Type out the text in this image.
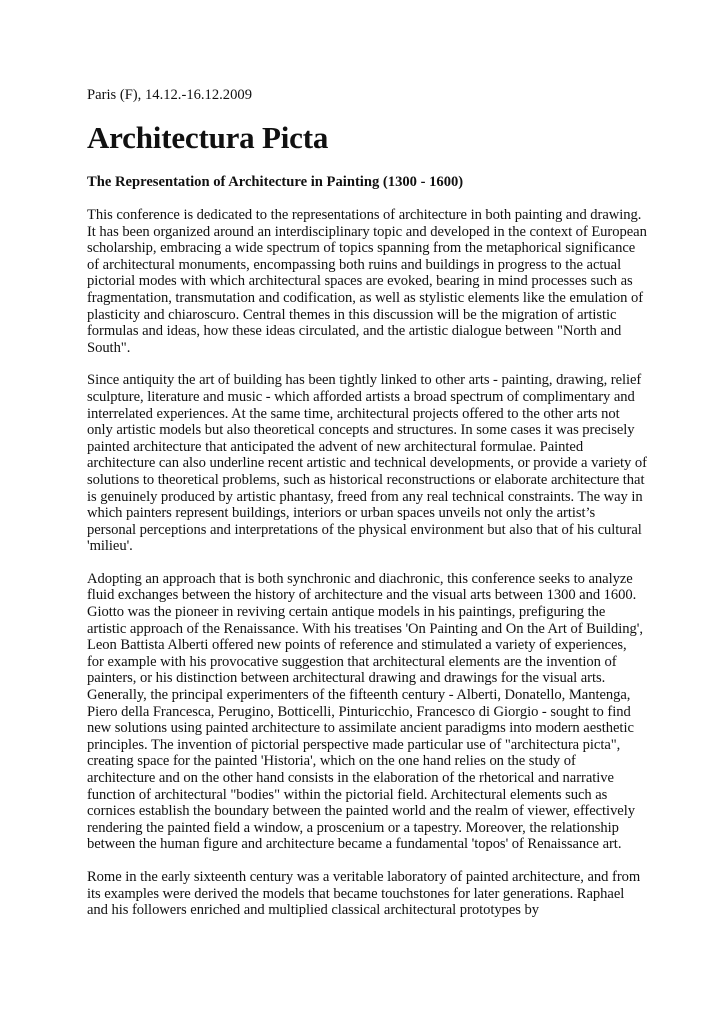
Paris (F), 14.12.-16.12.2009

Architectura Picta

The Representation of Architecture in Painting (1300 - 1600)

This conference is dedicated to the representations of architecture in both painting and drawing. It has been organized around an interdisciplinary topic and developed in the context of European scholarship, embracing a wide spectrum of topics spanning from the metaphorical significance of architectural monuments, encompassing both ruins and buildings in progress to the actual pictorial modes with which architectural spaces are evoked, bearing in mind processes such as fragmentation, transmutation and codification, as well as stylistic elements like the emulation of plasticity and chiaroscuro. Central themes in this discussion will be the migration of artistic formulas and ideas, how these ideas circulated, and the artistic dialogue between "North and South".

Since antiquity the art of building has been tightly linked to other arts - painting, drawing, relief sculpture, literature and music - which afforded artists a broad spectrum of complimentary and interrelated experiences. At the same time, architectural projects offered to the other arts not only artistic models but also theoretical concepts and structures. In some cases it was precisely painted architecture that anticipated the advent of new architectural formulae. Painted architecture can also underline recent artistic and technical developments, or provide a variety of solutions to theoretical problems, such as historical reconstructions or elaborate architecture that is genuinely produced by artistic phantasy, freed from any real technical constraints. The way in which painters represent buildings, interiors or urban spaces unveils not only the artist’s personal perceptions and interpretations of the physical environment but also that of his cultural 'milieu'.

Adopting an approach that is both synchronic and diachronic, this conference seeks to analyze fluid exchanges between the history of architecture and the visual arts between 1300 and 1600. Giotto was the pioneer in reviving certain antique models in his paintings, prefiguring the artistic approach of the Renaissance. With his treatises 'On Painting and On the Art of Building', Leon Battista Alberti offered new points of reference and stimulated a variety of experiences, for example with his provocative suggestion that architectural elements are the invention of painters, or his distinction between architectural drawing and drawings for the visual arts. Generally, the principal experimenters of the fifteenth century - Alberti, Donatello, Mantenga, Piero della Francesca, Perugino, Botticelli, Pinturicchio, Francesco di Giorgio - sought to find new solutions using painted architecture to assimilate ancient paradigms into modern aesthetic principles. The invention of pictorial perspective made particular use of "architectura picta", creating space for the painted 'Historia', which on the one hand relies on the study of architecture and on the other hand consists in the elaboration of the rhetorical and narrative function of architectural "bodies" within the pictorial field. Architectural elements such as cornices establish the boundary between the painted world and the realm of viewer, effectively rendering the painted field a window, a proscenium or a tapestry. Moreover, the relationship between the human figure and architecture became a fundamental 'topos' of Renaissance art.

Rome in the early sixteenth century was a veritable laboratory of painted architecture, and from its examples were derived the models that became touchstones for later generations. Raphael and his followers enriched and multiplied classical architectural prototypes by
